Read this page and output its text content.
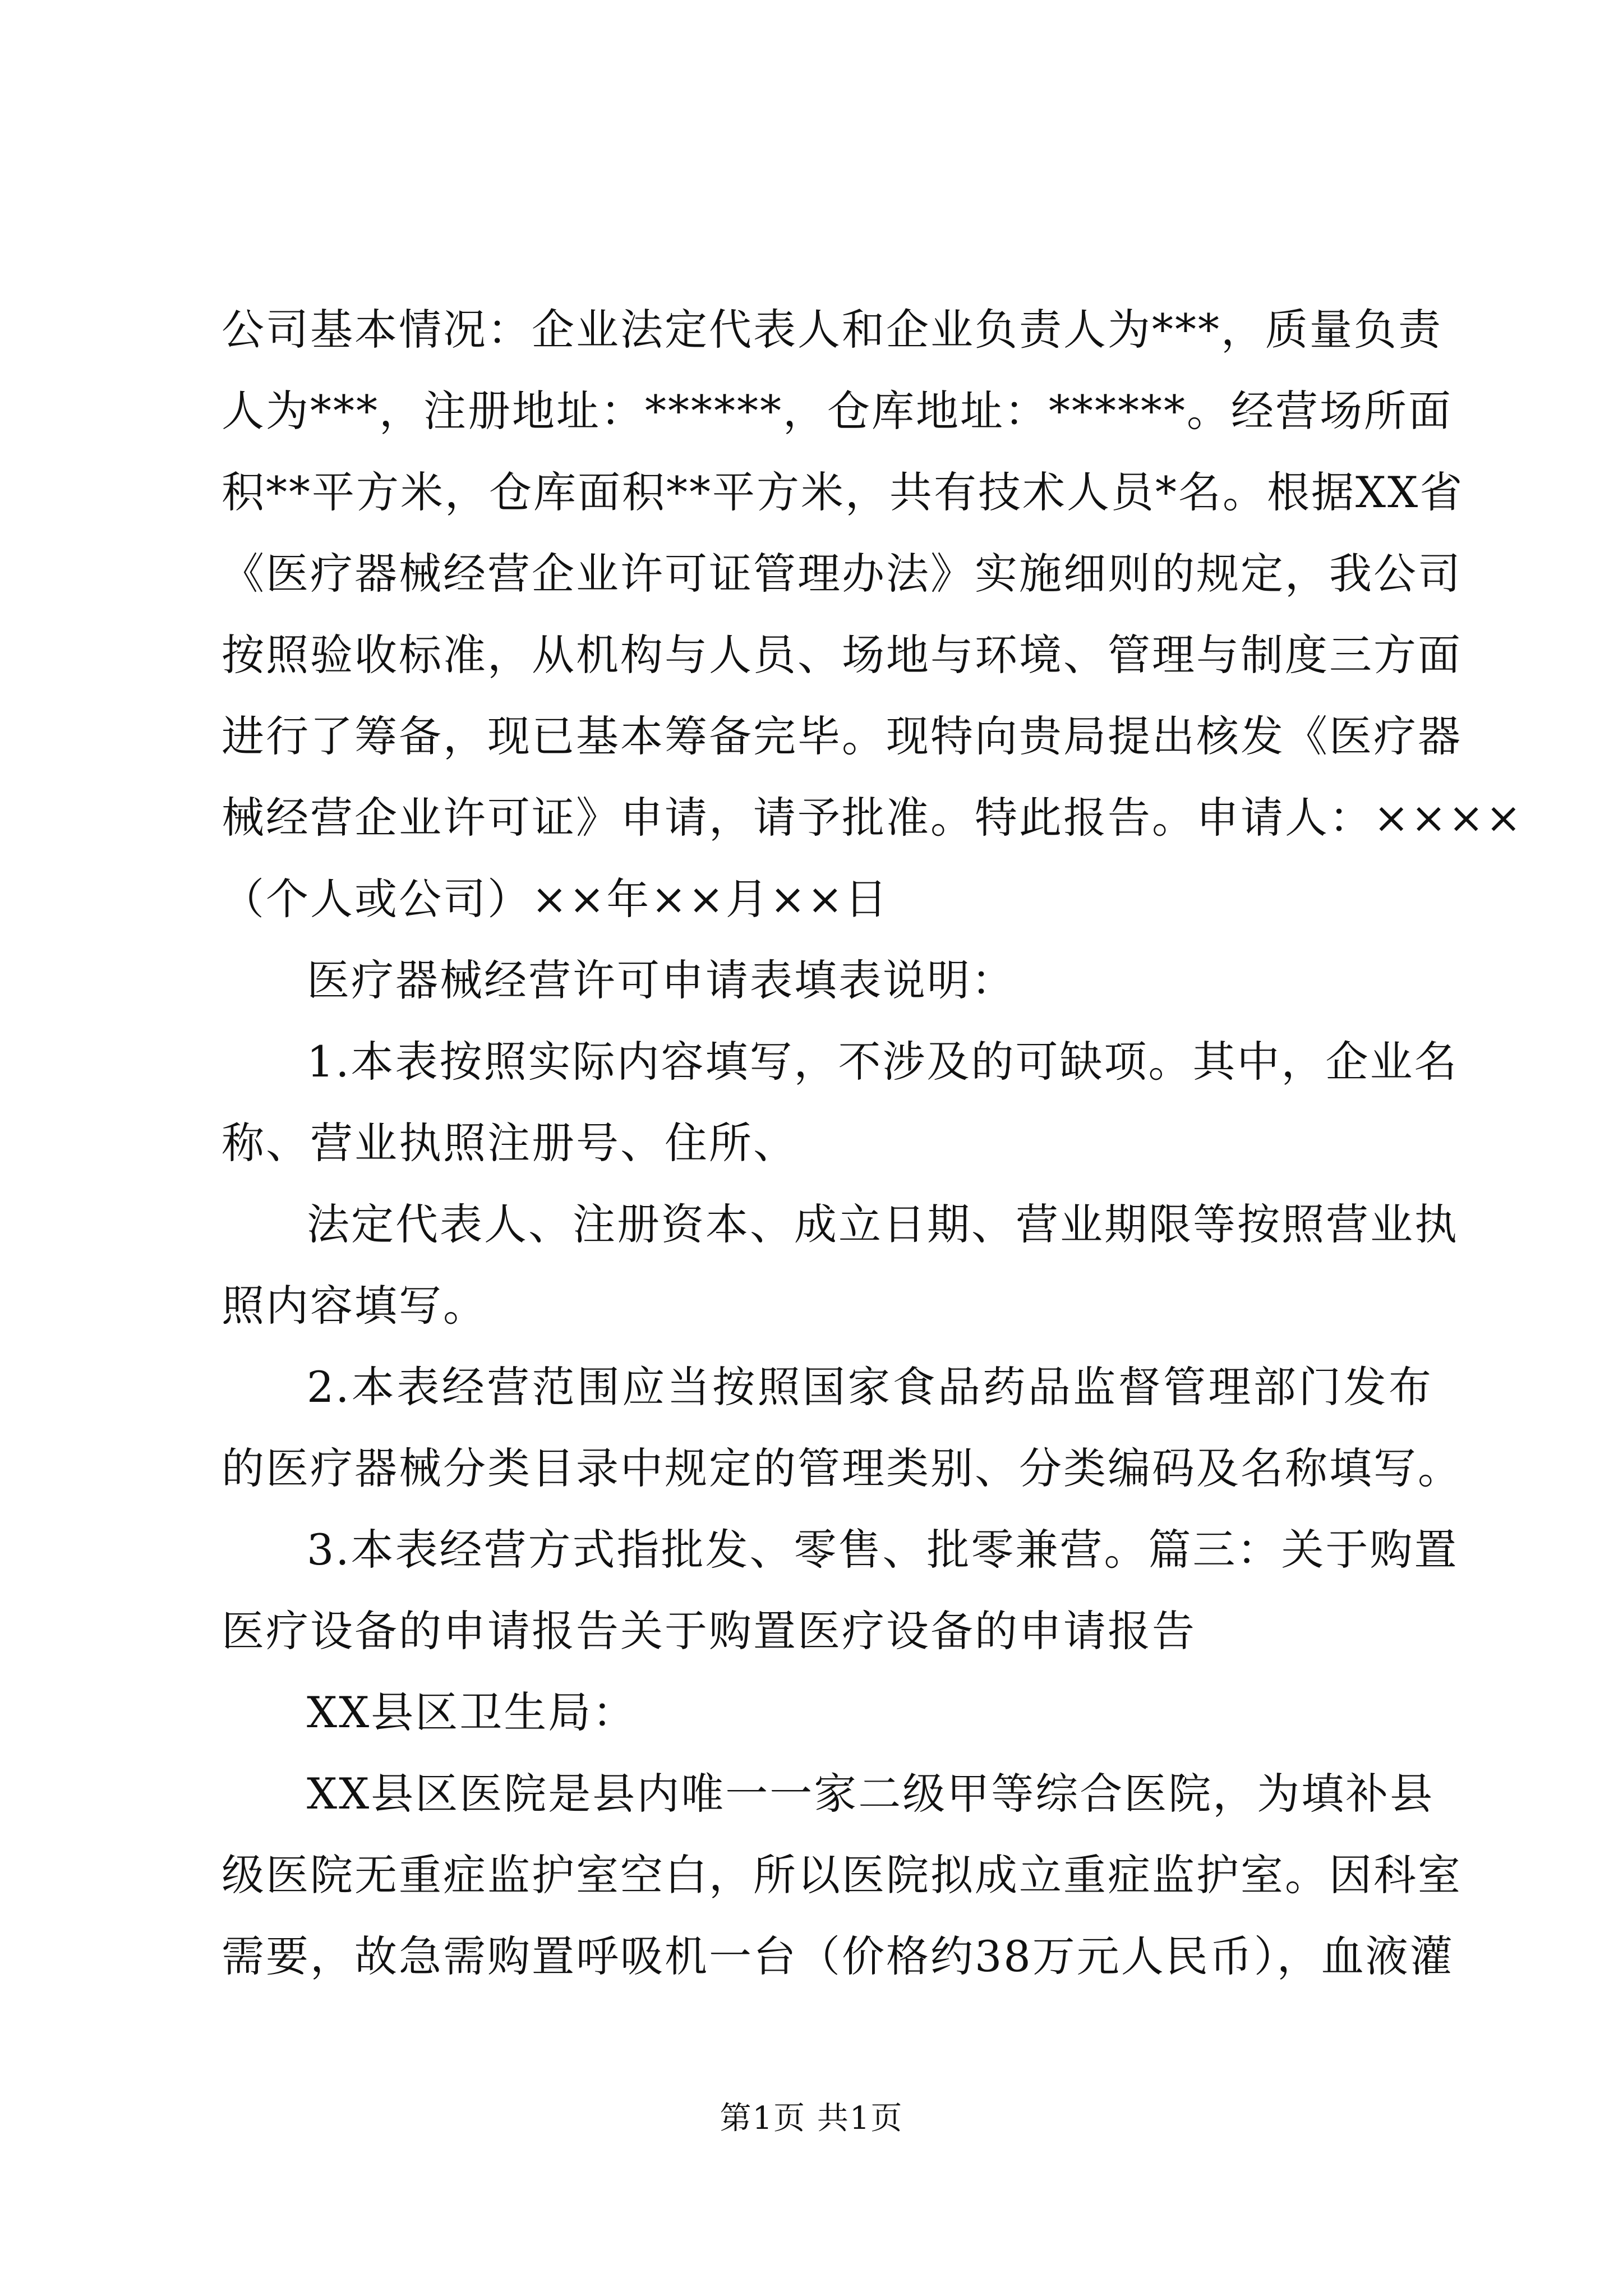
公司基本情况：企业法定代表人和企业负责人为***，质量负责
人为***，注册地址：******，仓库地址：******。经营场所面
积**平方米，仓库面积**平方米，共有技术人员*名。根据XX省
《医疗器械经营企业许可证管理办法》实施细则的规定，我公司
按照验收标准，从机构与人员、场地与环境、管理与制度三方面
进行了筹备，现已基本筹备完毕。现特向贵局提出核发《医疗器
械经营企业许可证》申请，请予批准。特此报告。申请人：××××
（个人或公司）××年××月××日
医疗器械经营许可申请表填表说明：
1.本表按照实际内容填写，不涉及的可缺项。其中，企业名
称、营业执照注册号、住所、
法定代表人、注册资本、成立日期、营业期限等按照营业执
照内容填写。
2.本表经营范围应当按照国家食品药品监督管理部门发布
的医疗器械分类目录中规定的管理类别、分类编码及名称填写。
3.本表经营方式指批发、零售、批零兼营。篇三：关于购置
医疗设备的申请报告关于购置医疗设备的申请报告
XX县区卫生局：
XX县区医院是县内唯一一家二级甲等综合医院，为填补县
级医院无重症监护室空白，所以医院拟成立重症监护室。因科室
需要，故急需购置呼吸机一台（价格约38万元人民币），血液灌
第1页 共1页
